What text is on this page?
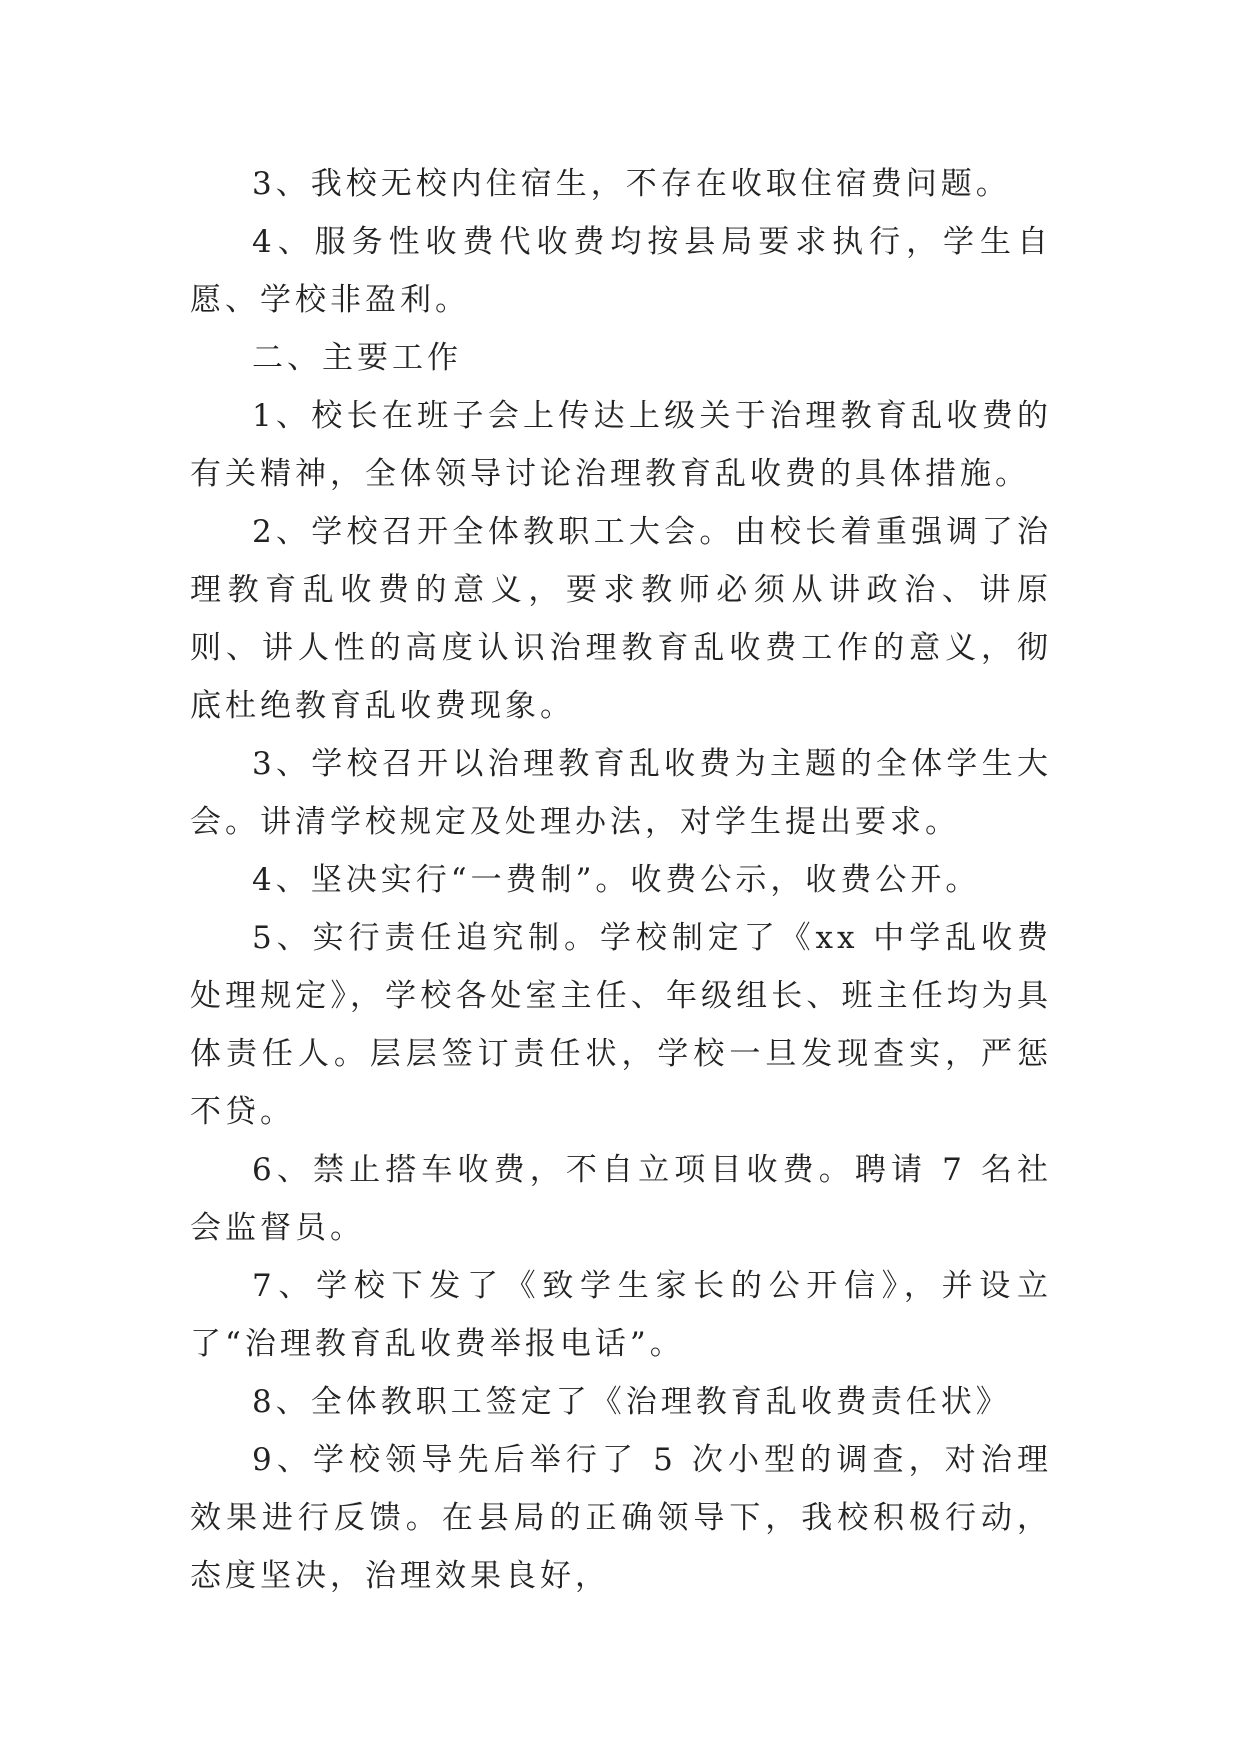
3、我校无校内住宿生，不存在收取住宿费问题。

4、服务性收费代收费均按县局要求执行，学生自愿、学校非盈利。

二、主要工作

1、校长在班子会上传达上级关于治理教育乱收费的有关精神，全体领导讨论治理教育乱收费的具体措施。

2、学校召开全体教职工大会。由校长着重强调了治理教育乱收费的意义，要求教师必须从讲政治、讲原则、讲人性的高度认识治理教育乱收费工作的意义，彻底杜绝教育乱收费现象。

3、学校召开以治理教育乱收费为主题的全体学生大会。讲清学校规定及处理办法，对学生提出要求。

4、坚决实行“一费制”。收费公示，收费公开。

5、实行责任追究制。学校制定了《xx 中学乱收费处理规定》，学校各处室主任、年级组长、班主任均为具体责任人。层层签订责任状，学校一旦发现查实，严惩不贷。

6、禁止搭车收费，不自立项目收费。聘请 7 名社会监督员。

7、学校下发了《致学生家长的公开信》，并设立了“治理教育乱收费举报电话”。

8、全体教职工签定了《治理教育乱收费责任状》

9、学校领导先后举行了 5 次小型的调查，对治理效果进行反馈。在县局的正确领导下，我校积极行动，态度坚决，治理效果良好，
